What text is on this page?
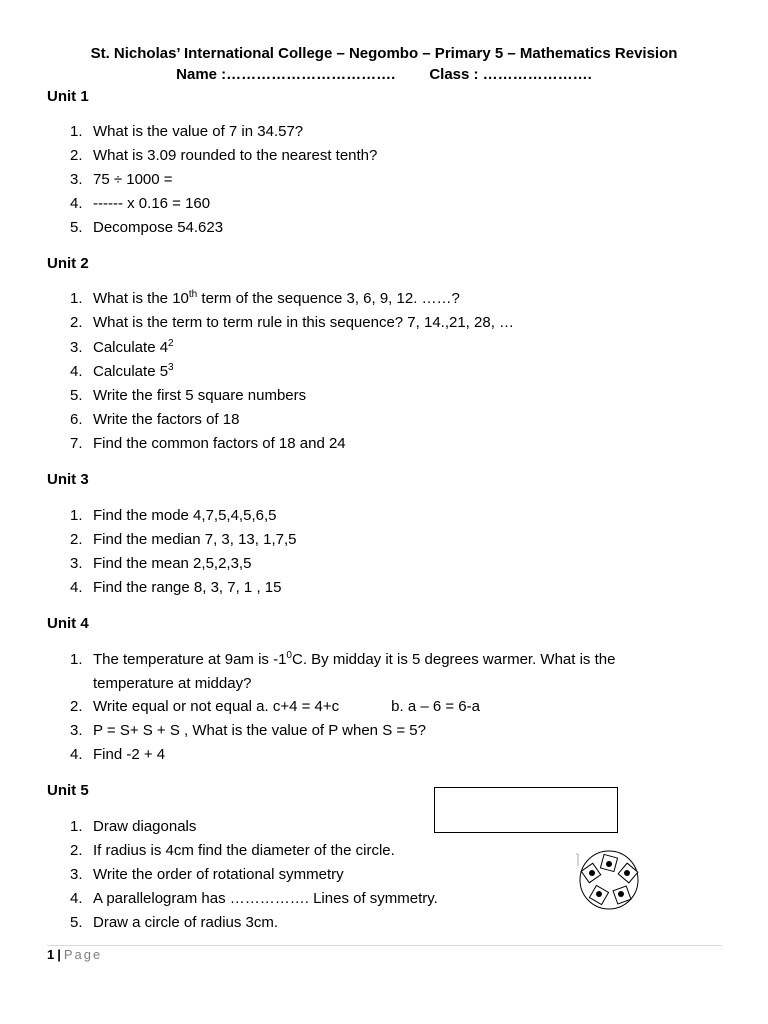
St. Nicholas’ International College – Negombo – Primary 5 – Mathematics Revision
Name :……………………………. Class : ………………….
Unit 1
1. What is the value of 7 in 34.57?
2. What is 3.09 rounded to the nearest tenth?
3. 75 ÷ 1000 =
4. ------ x 0.16 = 160
5. Decompose 54.623
Unit 2
1. What is the 10th term of the sequence 3, 6, 9, 12. ……?
2. What is the term to term rule in this sequence? 7, 14.,21, 28, …
3. Calculate $4^2$
4. Calculate $5^3$
5. Write the first 5 square numbers
6. Write the factors of 18
7. Find the common factors of 18 and 24
Unit 3
1. Find the mode 4,7,5,4,5,6,5
2. Find the median 7, 3, 13, 1,7,5
3. Find the mean 2,5,2,3,5
4. Find the range 8, 3, 7, 1 , 15
Unit 4
1. The temperature at 9am is $-1^0C$. By midday it is 5 degrees warmer. What is the
temperature at midday?
2. Write equal or not equal a. c+4 = 4+c	b. a – 6 = 6-a
3. P = S+ S + S , What is the value of P when S = 5?
4. Find -2 + 4
Unit 5
1. Draw diagonals
2. If radius is 4cm find the diameter of the circle.
3. Write the order of rotational symmetry
4. A parallelogram has ……………. Lines of symmetry.
5. Draw a circle of radius 3cm.
1 | Page
